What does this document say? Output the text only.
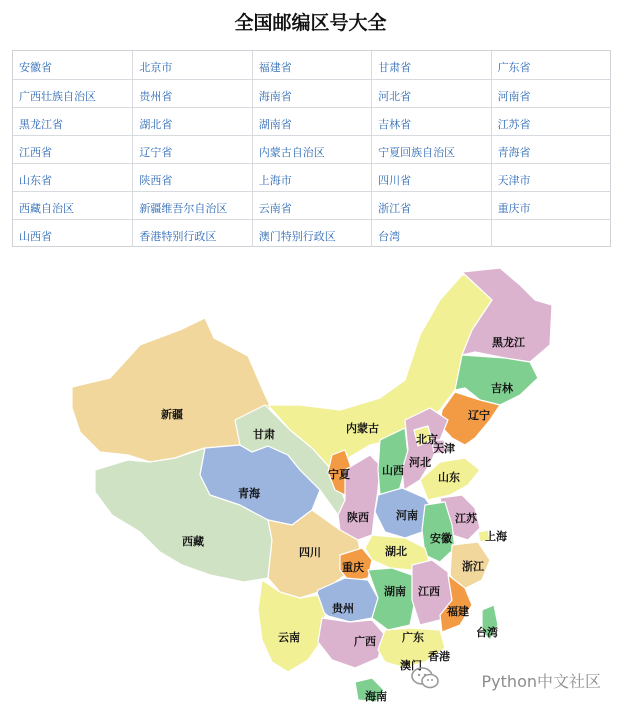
全国邮编区号大全
安徽省	北京市	福建省	甘肃省	广东省
广西壮族自治区	贵州省	海南省	河北省	河南省
黑龙江省	湖北省	湖南省	吉林省	江苏省
江西省	辽宁省	内蒙古自治区	宁夏回族自治区	青海省
山东省	陕西省	上海市	四川省	天津市
西藏自治区	新疆维吾尔自治区	云南省	浙江省	重庆市
山西省	香港特别行政区	澳门特别行政区	台湾
黑龙江
吉林
辽宁
内蒙古
新疆
甘肃	北京
天津
河北
山西
宁夏	山东
青海
河南
陕西	江苏
安徽	上海
西藏
四川	湖北
重庆	浙江
湖南 江西
贵州	福建
台湾
云南	广西 广东
香港
澳门
海南
Python中文社区
